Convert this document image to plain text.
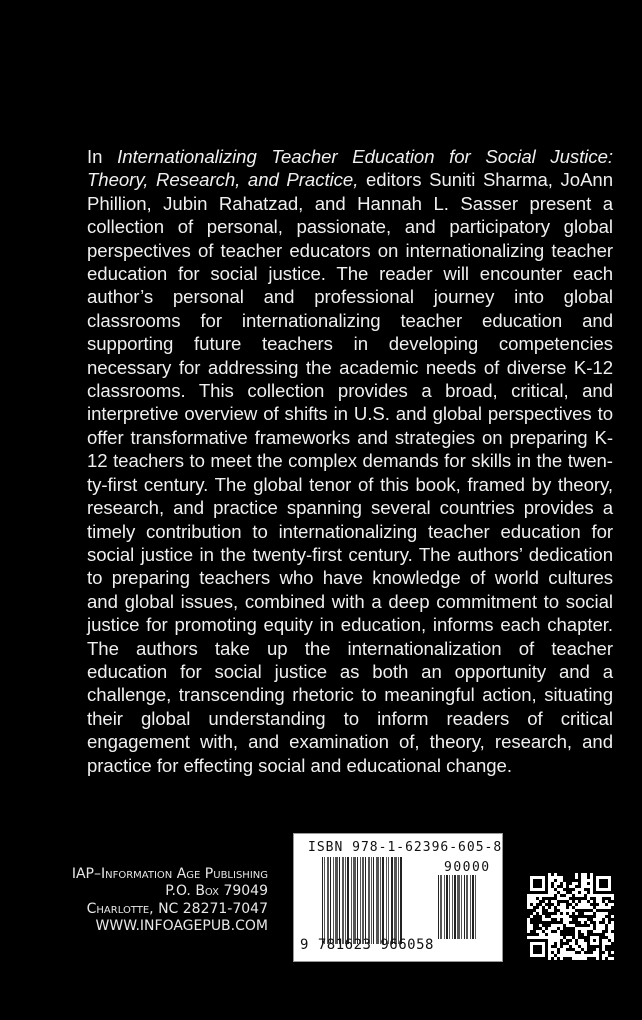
In Internationalizing Teacher Education for Social Justice: Theory, Research, and Practice, editors Suniti Sharma, JoAnn Phillion, Jubin Rahatzad, and Hannah L. Sasser present a collection of personal, passionate, and participatory global perspectives of teacher educators on internationalizing teacher education for social justice. The reader will encounter each author’s personal and professional journey into global classrooms for internationalizing teacher education and supporting future teachers in developing competencies necessary for addressing the academic needs of diverse K-12 classrooms. This collection provides a broad, critical, and interpretive overview of shifts in U.S. and global perspectives to offer transformative frameworks and strategies on preparing K-12 teachers to meet the complex demands for skills in the twenty-first century. The global tenor of this book, framed by theory, research, and practice spanning several countries provides a timely contribution to internationalizing teacher education for social justice in the twenty-first century. The authors’ dedication to preparing teachers who have knowledge of world cultures and global issues, combined with a deep commitment to social justice for promoting equity in education, informs each chapter. The authors take up the internationalization of teacher education for social justice as both an opportunity and a challenge, transcending rhetoric to meaningful action, situating their global understanding to inform readers of critical engagement with, and examination of, theory, research, and practice for effecting social and educational change.
IAP–Information Age Publishing
P.O. Box 79049
Charlotte, NC 28271-7047
WWW.INFOAGEPUB.COM
ISBN 978-1-62396-605-8
90000
9 781623 966058
